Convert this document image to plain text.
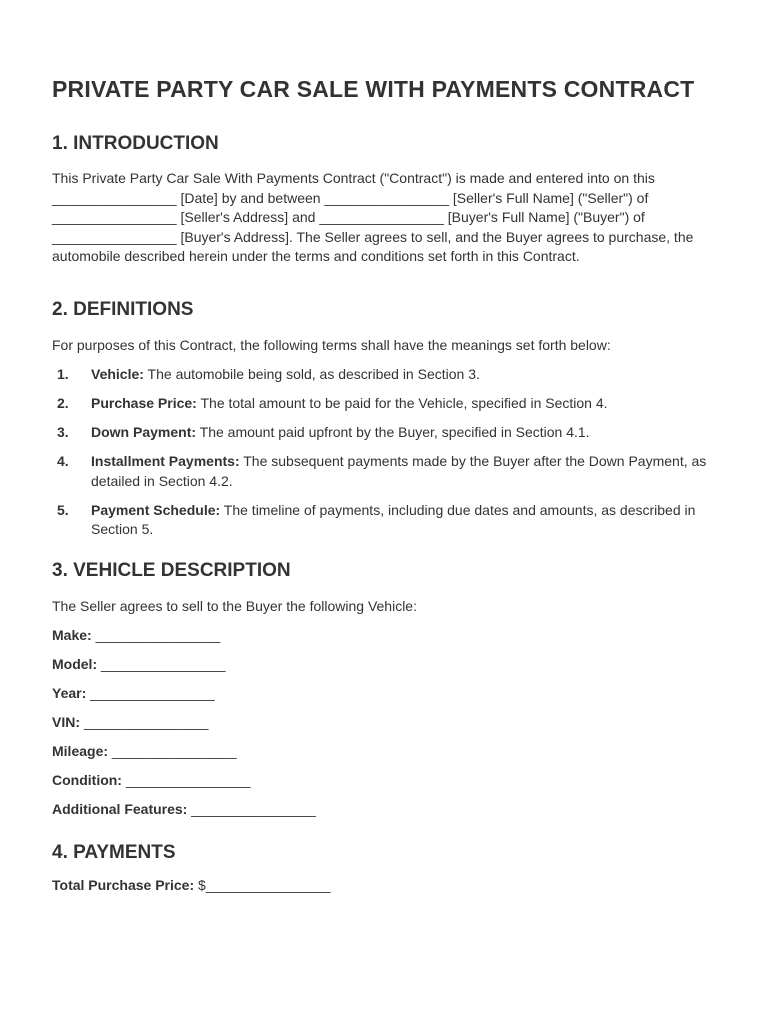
PRIVATE PARTY CAR SALE WITH PAYMENTS CONTRACT
1. INTRODUCTION

This Private Party Car Sale With Payments Contract ("Contract") is made and entered into on this ________________ [Date] by and between ________________ [Seller's Full Name] ("Seller") of ________________ [Seller's Address] and ________________ [Buyer's Full Name] ("Buyer") of ________________ [Buyer's Address]. The Seller agrees to sell, and the Buyer agrees to purchase, the automobile described herein under the terms and conditions set forth in this Contract.

2. DEFINITIONS

For purposes of this Contract, the following terms shall have the meanings set forth below:

1.	Vehicle: The automobile being sold, as described in Section 3.
2.	Purchase Price: The total amount to be paid for the Vehicle, specified in Section 4.
3.	Down Payment: The amount paid upfront by the Buyer, specified in Section 4.1.
4.	Installment Payments: The subsequent payments made by the Buyer after the Down Payment, as detailed in Section 4.2.
5.	Payment Schedule: The timeline of payments, including due dates and amounts, as described in Section 5.
3. VEHICLE DESCRIPTION

The Seller agrees to sell to the Buyer the following Vehicle:

Make: ________________
Model: ________________
Year: ________________
VIN: ________________
Mileage: ________________
Condition: ________________
Additional Features: ________________
4. PAYMENTS
Total Purchase Price: $________________
